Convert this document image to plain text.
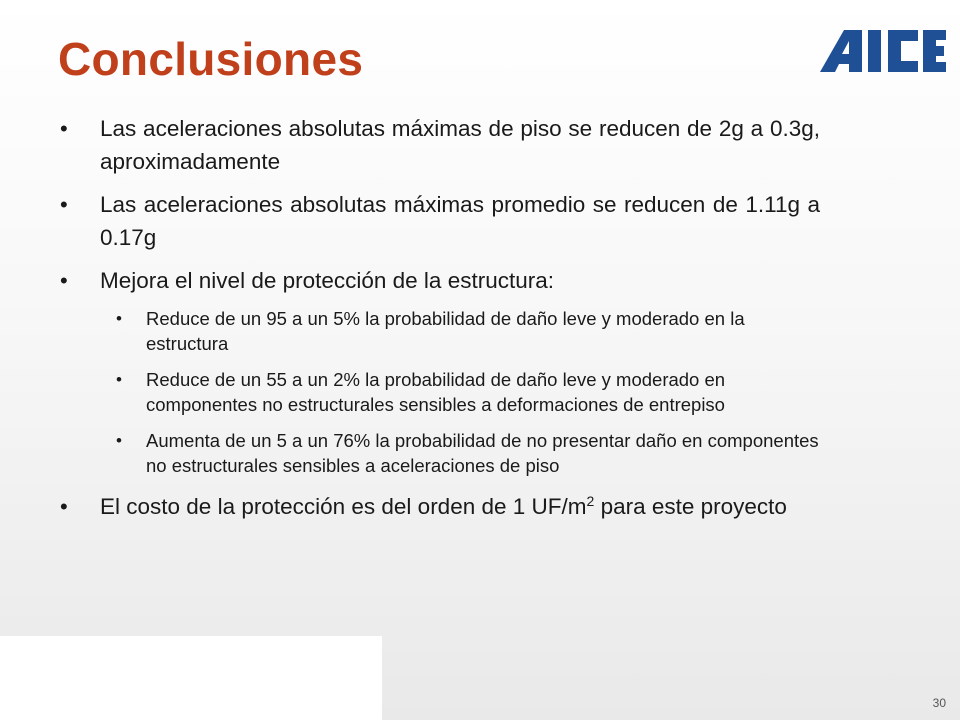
Conclusiones
• Las aceleraciones absolutas máximas de piso se reducen de 2g a 0.3g, aproximadamente
• Las aceleraciones absolutas máximas promedio se reducen de 1.11g a 0.17g
• Mejora el nivel de protección de la estructura:
• Reduce de un 95 a un 5% la probabilidad de daño leve y moderado en la estructura
• Reduce de un 55 a un 2% la probabilidad de daño leve y moderado en componentes no estructurales sensibles a deformaciones de entrepiso
• Aumenta de un 5 a un 76% la probabilidad de no presentar daño en componentes no estructurales sensibles a aceleraciones de piso
• El costo de la protección es del orden de 1 $UF/m^2$ para este proyecto
30
